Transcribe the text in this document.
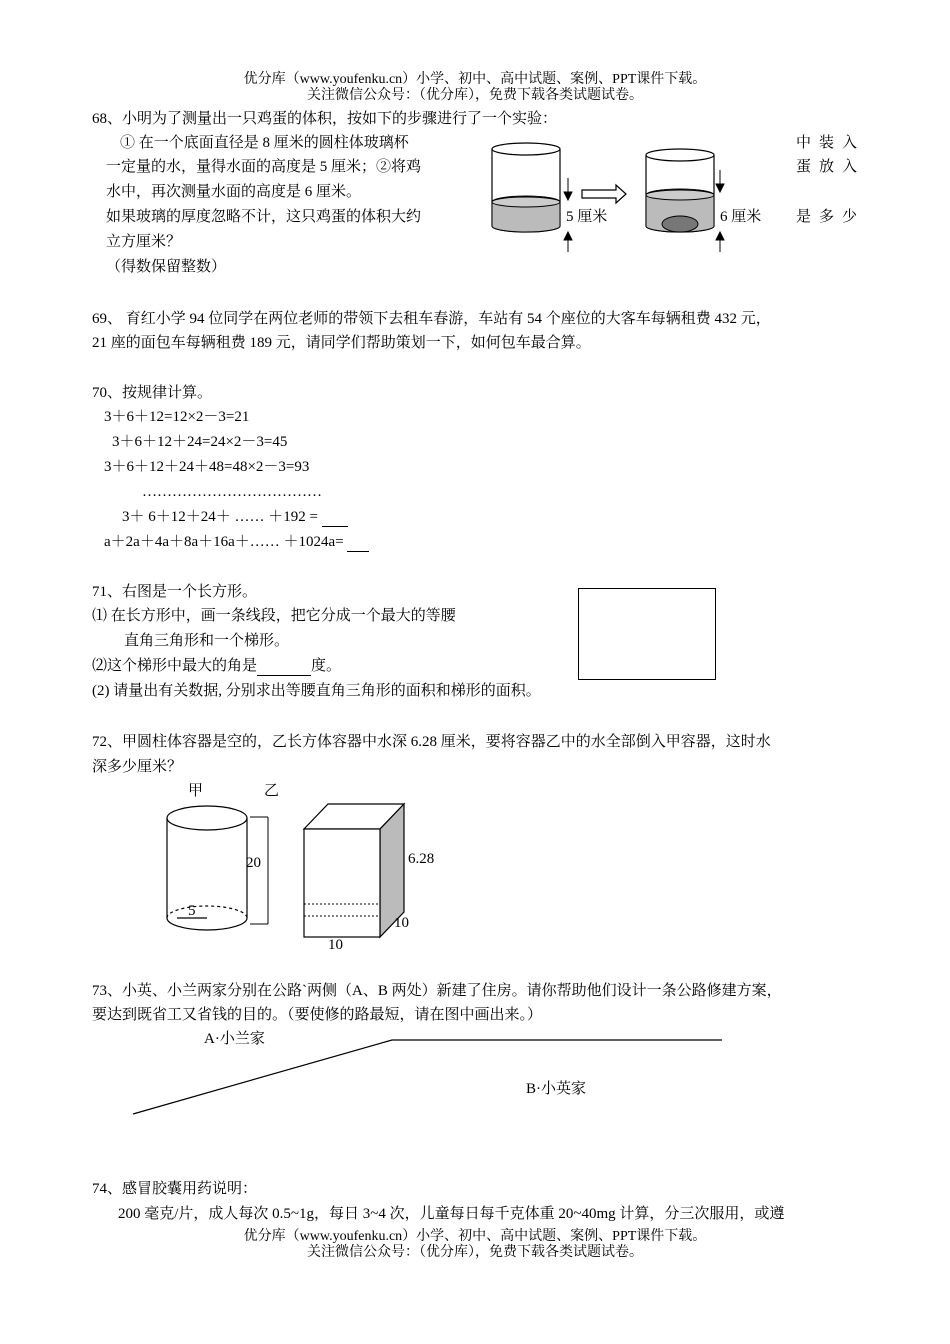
优分库（www.youfenku.cn）小学、初中、高中试题、案例、PPT课件下载。
关注微信公众号：（优分库），免费下载各类试题试卷。
68、小明为了测量出一只鸡蛋的体积，按如下的步骤进行了一个实验：
① 在一个底面直径是 8 厘米的圆柱体玻璃杯	中装入
一定量的水，量得水面的高度是 5 厘米；②将鸡	蛋放入
水中，再次测量水面的高度是 6 厘米。
如果玻璃的厚度忽略不计，这只鸡蛋的体积大约	是多少
立方厘米？
（得数保留整数）
5 厘米	6 厘米
69、 育红小学 94 位同学在两位老师的带领下去租车春游，车站有 54 个座位的大客车每辆租费 432 元，
21 座的面包车每辆租费 189 元，请同学们帮助策划一下，如何包车最合算。
70、按规律计算。
3＋6＋12=12×2－3=21
3＋6＋12＋24=24×2－3=45
3＋6＋12＋24＋48=48×2－3=93
………………………………
3＋ 6＋12＋24＋ …… ＋192 =
a＋2a＋4a＋8a＋16a＋…… ＋1024a=
71、右图是一个长方形。
⑴ 在长方形中，画一条线段，把它分成一个最大的等腰
直角三角形和一个梯形。
⑵这个梯形中最大的角是	度。
(2) 请量出有关数据, 分别求出等腰直角三角形的面积和梯形的面积。
72、甲圆柱体容器是空的，乙长方体容器中水深 6.28 厘米，要将容器乙中的水全部倒入甲容器，这时水
深多少厘米？
甲	乙
20
5
6.28
10
10
73、小英、小兰两家分别在公路`两侧（A、B 两处）新建了住房。请你帮助他们设计一条公路修建方案，
要达到既省工又省钱的目的。（要使修的路最短，请在图中画出来。）
A·小兰家
B·小英家
74、感冒胶囊用药说明：
200 毫克/片，成人每次 0.5~1g，每日 3~4 次，儿童每日每千克体重 20~40mg 计算，分三次服用，或遵
优分库（www.youfenku.cn）小学、初中、高中试题、案例、PPT课件下载。
关注微信公众号：（优分库），免费下载各类试题试卷。
